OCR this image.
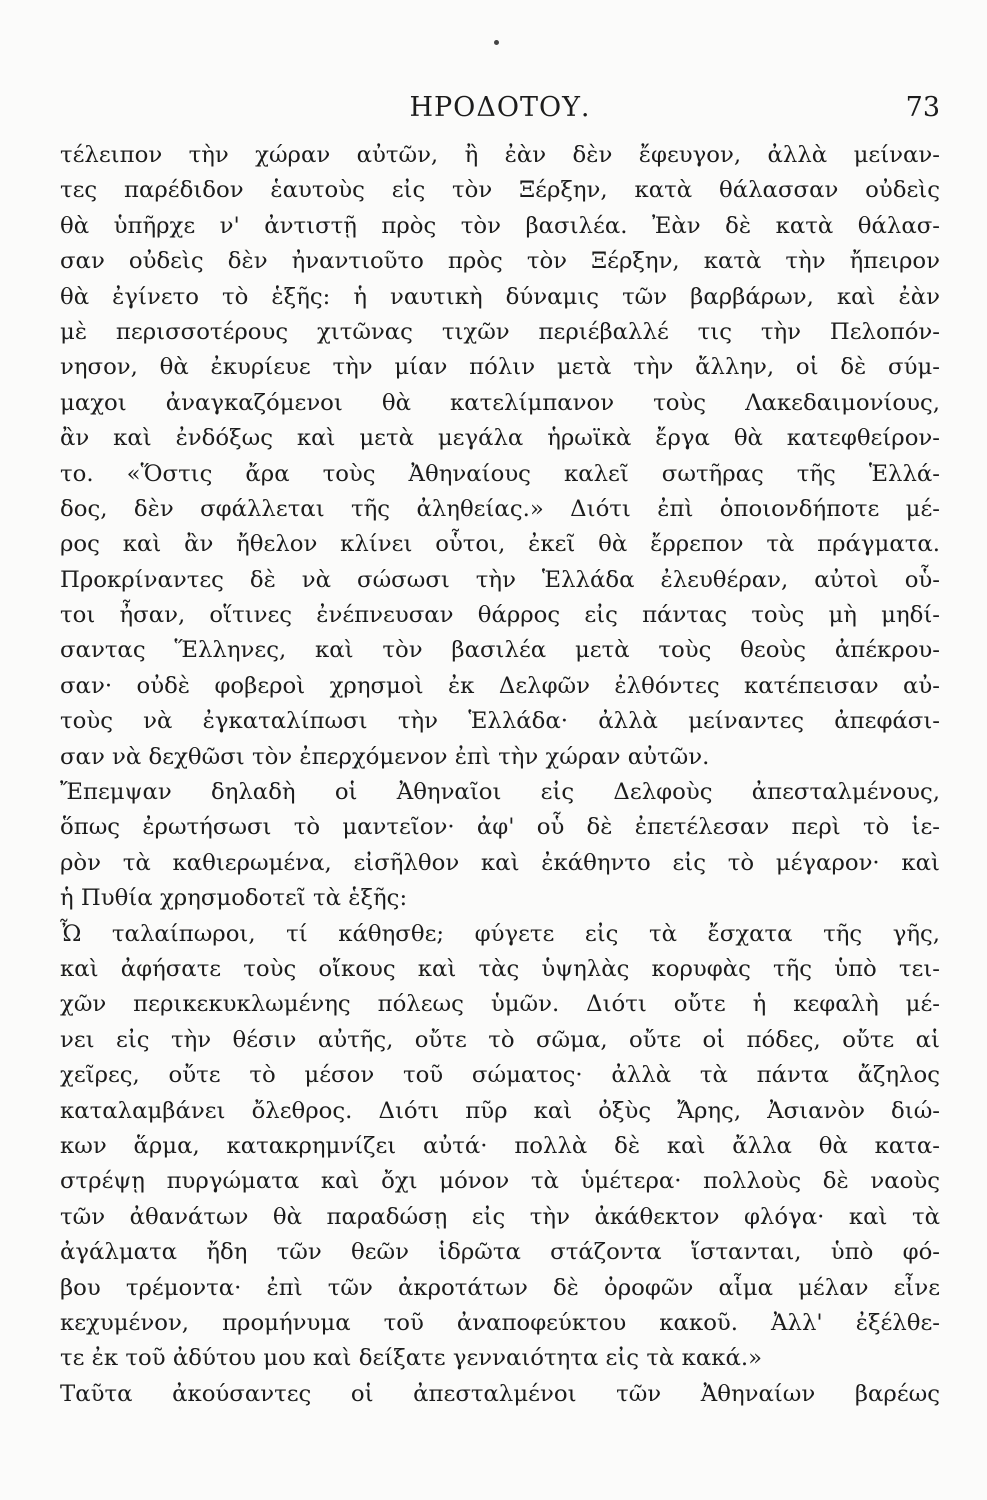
ΗΡΟΔΟΤΟΥ.	73
τέλειπον τὴν χώραν αὐτῶν, ἢ ἐὰν δὲν ἔφευγον, ἀλλὰ μείναν-
τες παρέδιδον ἑαυτοὺς εἰς τὸν Ξέρξην, κατὰ θάλασσαν οὐδεὶς
θὰ ὑπῆρχε ν' ἀντιστῇ πρὸς τὸν βασιλέα. Ἐὰν δὲ κατὰ θάλασ-
σαν οὐδεὶς δὲν ἠναντιοῦτο πρὸς τὸν Ξέρξην, κατὰ τὴν ἤπειρον
θὰ ἐγίνετο τὸ ἑξῆς: ἡ ναυτικὴ δύναμις τῶν βαρβάρων, καὶ ἐὰν
μὲ περισσοτέρους χιτῶνας τιχῶν περιέβαλλέ τις τὴν Πελοπόν-
νησον, θὰ ἐκυρίευε τὴν μίαν πόλιν μετὰ τὴν ἄλλην, οἱ δὲ σύμ-
μαχοι ἀναγκαζόμενοι θὰ κατελίμπανον τοὺς Λακεδαιμονίους,
ἂν καὶ ἐνδόξως καὶ μετὰ μεγάλα ἡρωϊκὰ ἔργα θὰ κατεφθείρον-
το. «Ὅστις ἄρα τοὺς Ἀθηναίους καλεῖ σωτῆρας τῆς Ἑλλά-
δος, δὲν σφάλλεται τῆς ἀληθείας.» Διότι ἐπὶ ὁποιονδήποτε μέ-
ρος καὶ ἂν ἤθελον κλίνει οὗτοι, ἐκεῖ θὰ ἔρρεπον τὰ πράγματα.
Προκρίναντες δὲ νὰ σώσωσι τὴν Ἑλλάδα ἐλευθέραν, αὐτοὶ οὗ-
τοι ἦσαν, οἵτινες ἐνέπνευσαν θάρρος εἰς πάντας τοὺς μὴ μηδί-
σαντας Ἕλληνες, καὶ τὸν βασιλέα μετὰ τοὺς θεοὺς ἀπέκρου-
σαν· οὐδὲ φοβεροὶ χρησμοὶ ἐκ Δελφῶν ἐλθόντες κατέπεισαν αὐ-
τοὺς νὰ ἐγκαταλίπωσι τὴν Ἑλλάδα· ἀλλὰ μείναντες ἀπεφάσι-
σαν νὰ δεχθῶσι τὸν ἐπερχόμενον ἐπὶ τὴν χώραν αὐτῶν.
Ἔπεμψαν δηλαδὴ οἱ Ἀθηναῖοι εἰς Δελφοὺς ἀπεσταλμένους,
ὅπως ἐρωτήσωσι τὸ μαντεῖον· ἀφ' οὗ δὲ ἐπετέλεσαν περὶ τὸ ἱε-
ρὸν τὰ καθιερωμένα, εἰσῆλθον καὶ ἐκάθηντο εἰς τὸ μέγαρον· καὶ
ἡ Πυθία χρησμοδοτεῖ τὰ ἑξῆς:
Ὦ ταλαίπωροι, τί κάθησθε; φύγετε εἰς τὰ ἔσχατα τῆς γῆς,
καὶ ἀφήσατε τοὺς οἴκους καὶ τὰς ὑψηλὰς κορυφὰς τῆς ὑπὸ τει-
χῶν περικεκυκλωμένης πόλεως ὑμῶν. Διότι οὔτε ἡ κεφαλὴ μέ-
νει εἰς τὴν θέσιν αὐτῆς, οὔτε τὸ σῶμα, οὔτε οἱ πόδες, οὔτε αἱ
χεῖρες, οὔτε τὸ μέσον τοῦ σώματος· ἀλλὰ τὰ πάντα ἄζηλος
καταλαμβάνει ὄλεθρος. Διότι πῦρ καὶ ὀξὺς Ἄρης, Ἀσιανὸν διώ-
κων ἅρμα, κατακρημνίζει αὐτά· πολλὰ δὲ καὶ ἄλλα θὰ κατα-
στρέψῃ πυργώματα καὶ ὄχι μόνον τὰ ὑμέτερα· πολλοὺς δὲ ναοὺς
τῶν ἀθανάτων θὰ παραδώσῃ εἰς τὴν ἀκάθεκτον φλόγα· καὶ τὰ
ἀγάλματα ἤδη τῶν θεῶν ἱδρῶτα στάζοντα ἵστανται, ὑπὸ φό-
βου τρέμοντα· ἐπὶ τῶν ἀκροτάτων δὲ ὀροφῶν αἷμα μέλαν εἶνε
κεχυμένον, προμήνυμα τοῦ ἀναποφεύκτου κακοῦ. Ἀλλ' ἐξέλθε-
τε ἐκ τοῦ ἀδύτου μου καὶ δείξατε γενναιότητα εἰς τὰ κακά.»
Ταῦτα ἀκούσαντες οἱ ἀπεσταλμένοι τῶν Ἀθηναίων βαρέως
